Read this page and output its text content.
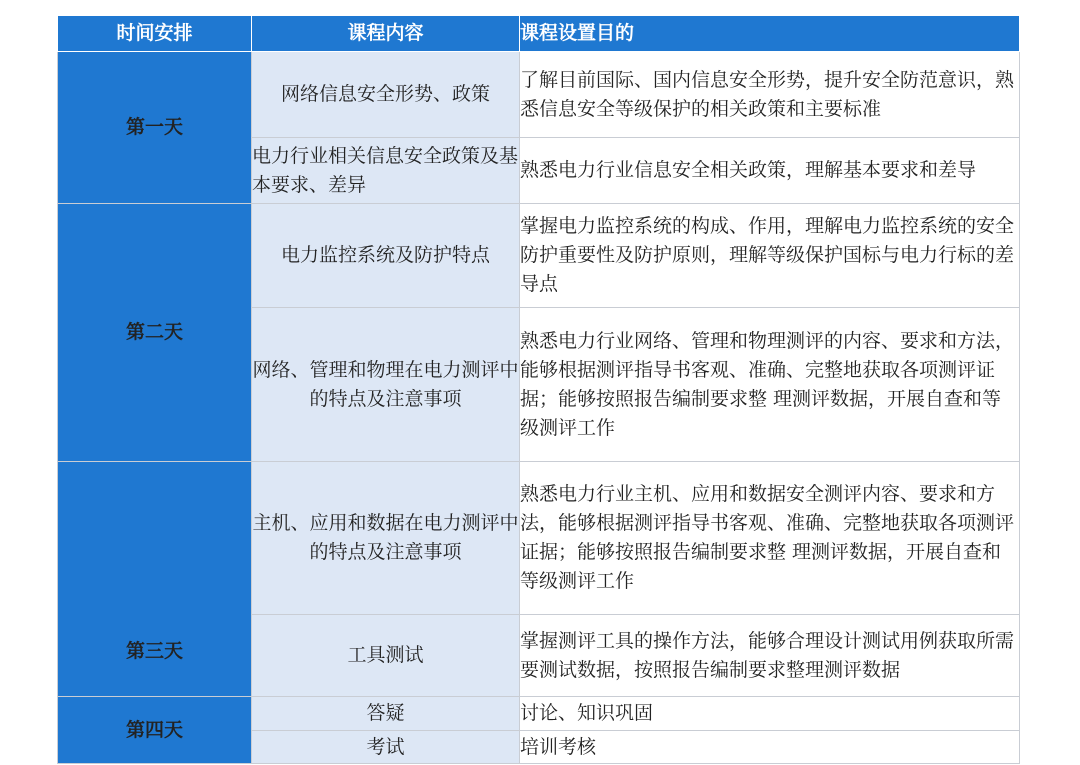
时间安排	课程内容	课程设置目的
第一天	网络信息安全形势、政策	了解目前国际、国内信息安全形势，提升安全防范意识，熟悉信息安全等级保护的相关政策和主要标准
	电力行业相关信息安全政策及基本要求、差异	熟悉电力行业信息安全相关政策，理解基本要求和差导
第二天	电力监控系统及防护特点	掌握电力监控系统的构成、作用，理解电力监控系统的安全防护重要性及防护原则，理解等级保护国标与电力行标的差导点
	网络、管理和物理在电力测评中的特点及注意事项	熟悉电力行业网络、管理和物理测评的内容、要求和方法，能够根据测评指导书客观、准确、完整地获取各项测评证据；能够按照报告编制要求整 理测评数据，开展自查和等级测评工作
第三天	主机、应用和数据在电力测评中的特点及注意事项	熟悉电力行业主机、应用和数据安全测评内容、要求和方法，能够根据测评指导书客观、准确、完整地获取各项测评证据；能够按照报告编制要求整 理测评数据，开展自查和等级测评工作
	工具测试	掌握测评工具的操作方法，能够合理设计测试用例获取所需要测试数据，按照报告编制要求整理测评数据
第四天	答疑	讨论、知识巩固
	考试	培训考核
